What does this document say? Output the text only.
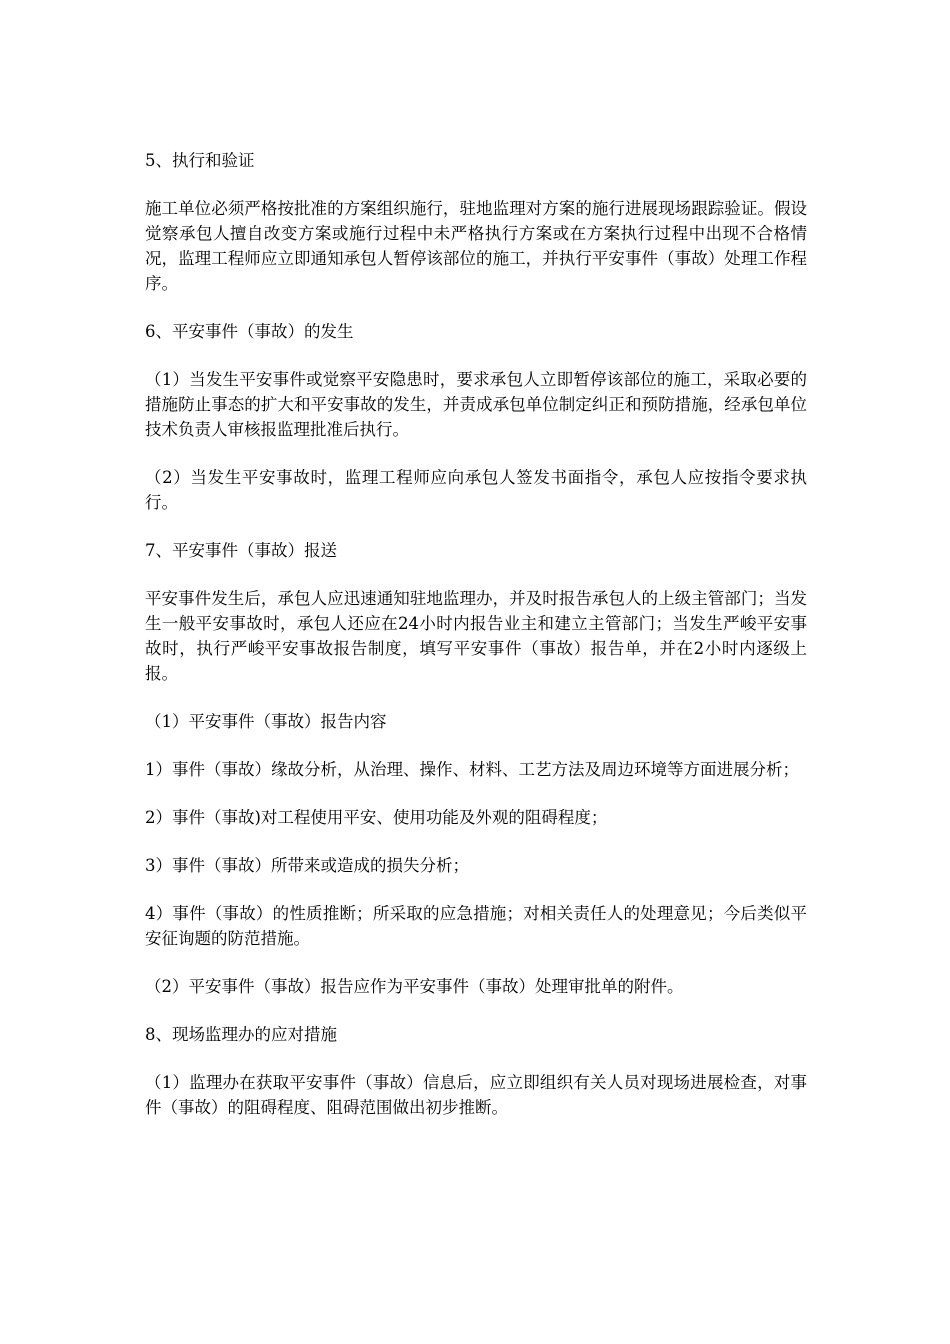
5、执行和验证

施工单位必须严格按批准的方案组织施行，驻地监理对方案的施行进展现场跟踪验证。假设觉察承包人擅自改变方案或施行过程中未严格执行方案或在方案执行过程中出现不合格情况，监理工程师应立即通知承包人暂停该部位的施工，并执行平安事件（事故）处理工作程序。

6、平安事件（事故）的发生

（1）当发生平安事件或觉察平安隐患时，要求承包人立即暂停该部位的施工，采取必要的措施防止事态的扩大和平安事故的发生，并责成承包单位制定纠正和预防措施，经承包单位技术负责人审核报监理批准后执行。

（2）当发生平安事故时，监理工程师应向承包人签发书面指令，承包人应按指令要求执行。

7、平安事件（事故）报送

平安事件发生后，承包人应迅速通知驻地监理办，并及时报告承包人的上级主管部门；当发生一般平安事故时，承包人还应在24小时内报告业主和建立主管部门；当发生严峻平安事故时，执行严峻平安事故报告制度，填写平安事件（事故）报告单，并在2小时内逐级上报。

（1）平安事件（事故）报告内容

1）事件（事故）缘故分析，从治理、操作、材料、工艺方法及周边环境等方面进展分析；

2）事件（事故)对工程使用平安、使用功能及外观的阻碍程度；

3）事件（事故）所带来或造成的损失分析；

4）事件（事故）的性质推断；所采取的应急措施；对相关责任人的处理意见；今后类似平安征询题的防范措施。

（2）平安事件（事故）报告应作为平安事件（事故）处理审批单的附件。

8、现场监理办的应对措施

（1）监理办在获取平安事件（事故）信息后，应立即组织有关人员对现场进展检查，对事件（事故）的阻碍程度、阻碍范围做出初步推断。
